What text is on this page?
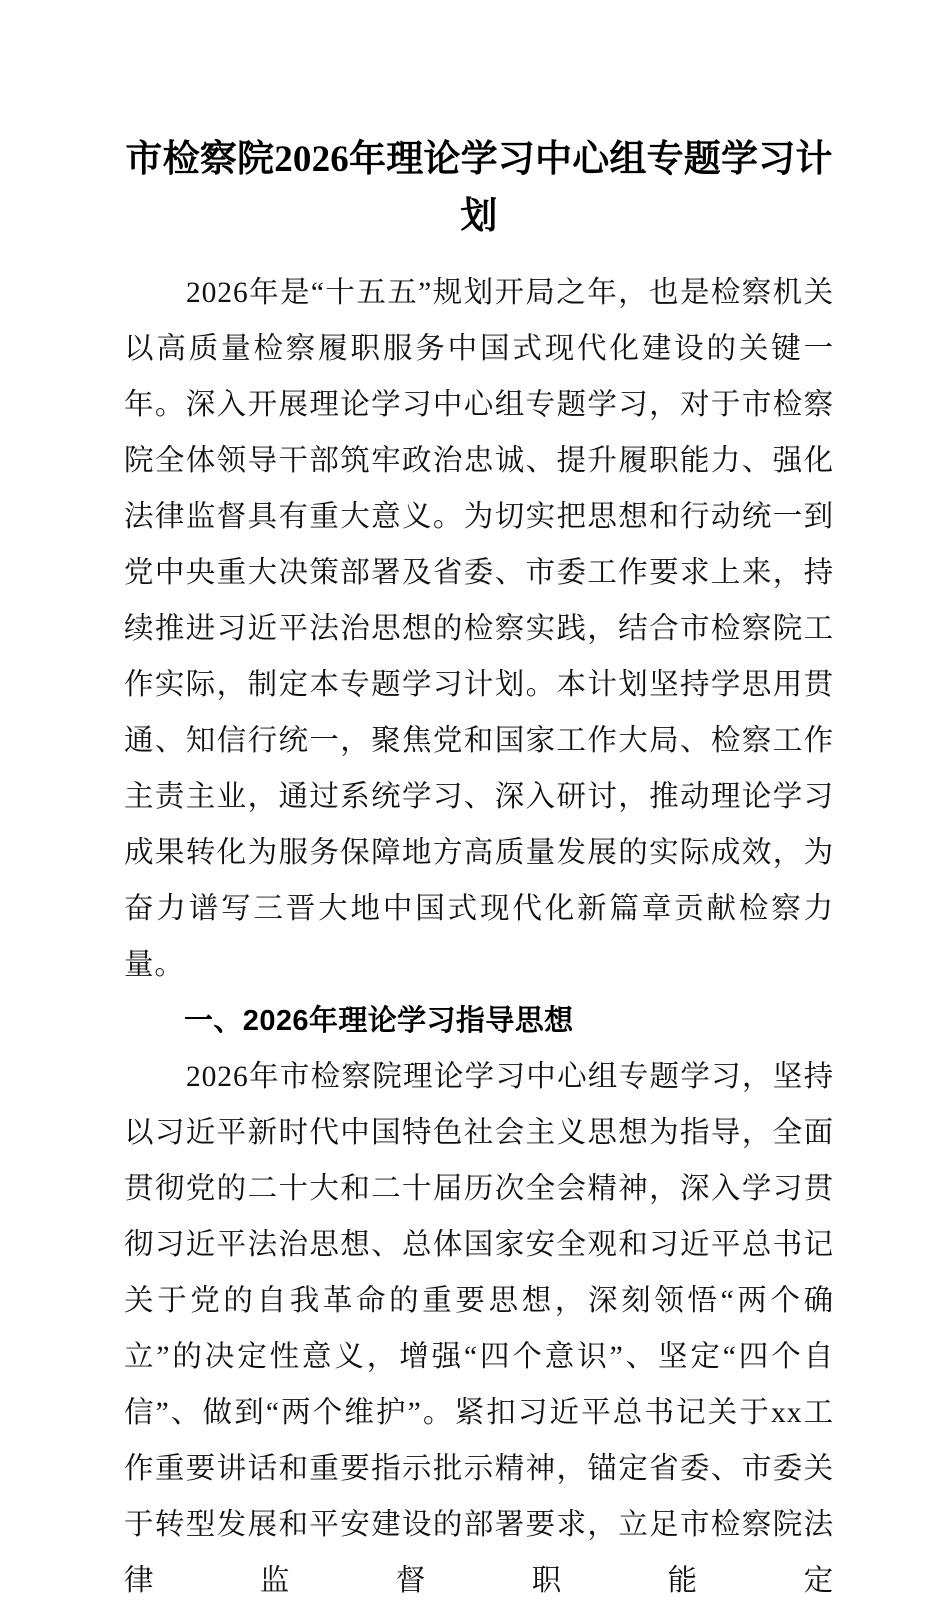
市检察院2026年理论学习中心组专题学习计划

2026年是“十五五”规划开局之年，也是检察机关以高质量检察履职服务中国式现代化建设的关键一年。深入开展理论学习中心组专题学习，对于市检察院全体领导干部筑牢政治忠诚、提升履职能力、强化法律监督具有重大意义。为切实把思想和行动统一到党中央重大决策部署及省委、市委工作要求上来，持续推进习近平法治思想的检察实践，结合市检察院工作实际，制定本专题学习计划。本计划坚持学思用贯通、知信行统一，聚焦党和国家工作大局、检察工作主责主业，通过系统学习、深入研讨，推动理论学习成果转化为服务保障地方高质量发展的实际成效，为奋力谱写三晋大地中国式现代化新篇章贡献检察力量。

一、2026年理论学习指导思想

2026年市检察院理论学习中心组专题学习，坚持以习近平新时代中国特色社会主义思想为指导，全面贯彻党的二十大和二十届历次全会精神，深入学习贯彻习近平法治思想、总体国家安全观和习近平总书记关于党的自我革命的重要思想，深刻领悟“两个确立”的决定性意义，增强“四个意识”、坚定“四个自信”、做到“两个维护”。紧扣习近平总书记关于xx工作重要讲话和重要指示批示精神，锚定省委、市委关于转型发展和平安建设的部署要求，立足市检察院法律监督职能定
